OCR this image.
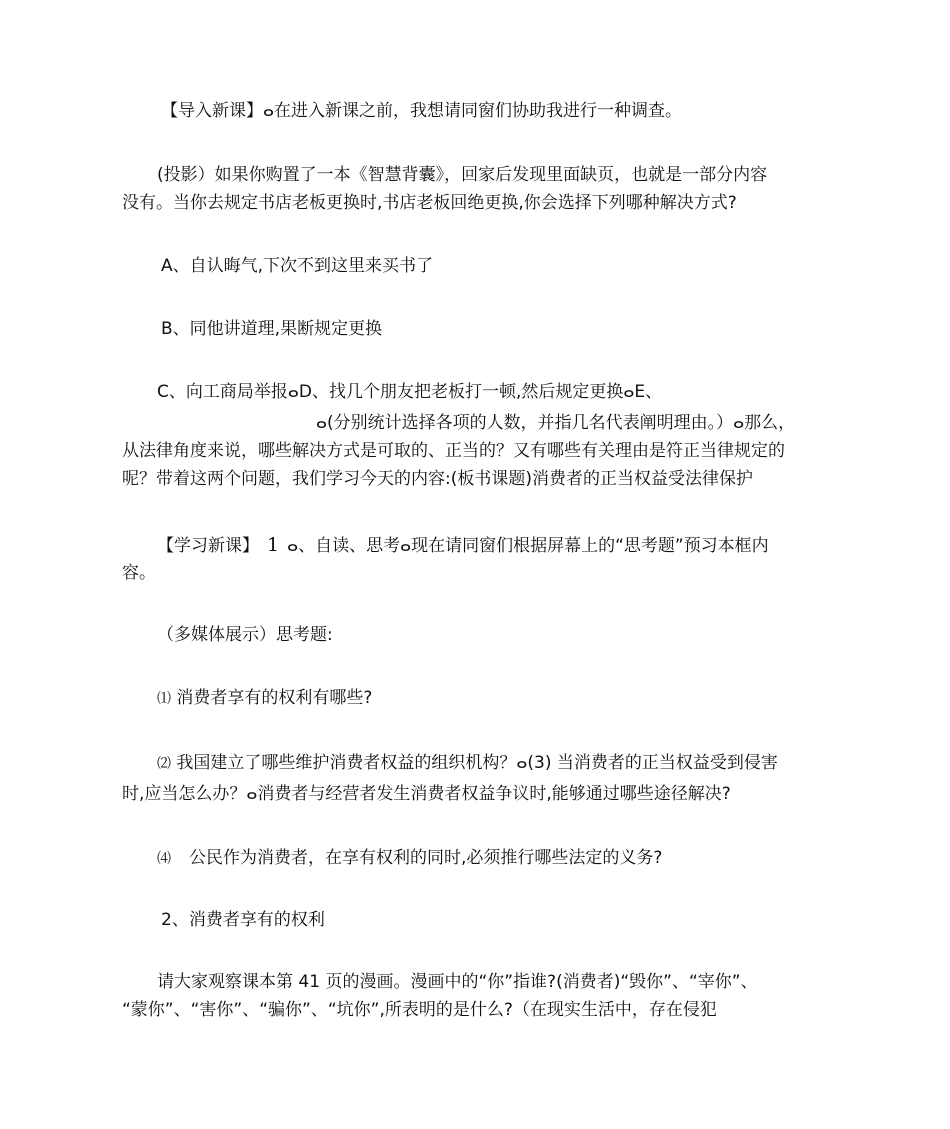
【导入新课】ⴰ在进入新课之前，我想请同窗们协助我进行一种调查。
(投影）如果你购置了一本《智慧背囊》，回家后发现里面缺页，也就是一部分内容
没有。当你去规定书店老板更换时,书店老板回绝更换,你会选择下列哪种解决方式?
A、自认晦气,下次不到这里来买书了
B、同他讲道理,果断规定更换
C、向工商局举报ⴰD、找几个朋友把老板打一顿,然后规定更换ⴰE、
ⴰ(分别统计选择各项的人数，并指几名代表阐明理由。）ⴰ那么，
从法律角度来说，哪些解决方式是可取的、正当的？又有哪些有关理由是符正当律规定的
呢？带着这两个问题，我们学习今天的内容:(板书课题)消费者的正当权益受法律保护
【学习新课】 1 ⴰ、自读、思考ⴰ现在请同窗们根据屏幕上的“思考题”预习本框内
容。
（多媒体展示）思考题:
⑴ 消费者享有的权利有哪些?
⑵ 我国建立了哪些维护消费者权益的组织机构？ⴰ(3) 当消费者的正当权益受到侵害
时,应当怎么办？ⴰ消费者与经营者发生消费者权益争议时,能够通过哪些途径解决?
⑷ 公民作为消费者，在享有权利的同时,必须推行哪些法定的义务?
2、消费者享有的权利
请大家观察课本第 41 页的漫画。漫画中的“你”指谁?(消费者)“毁你”、“宰你”、
“蒙你”、“害你”、“骗你”、“坑你”,所表明的是什么?（在现实生活中，存在侵犯
